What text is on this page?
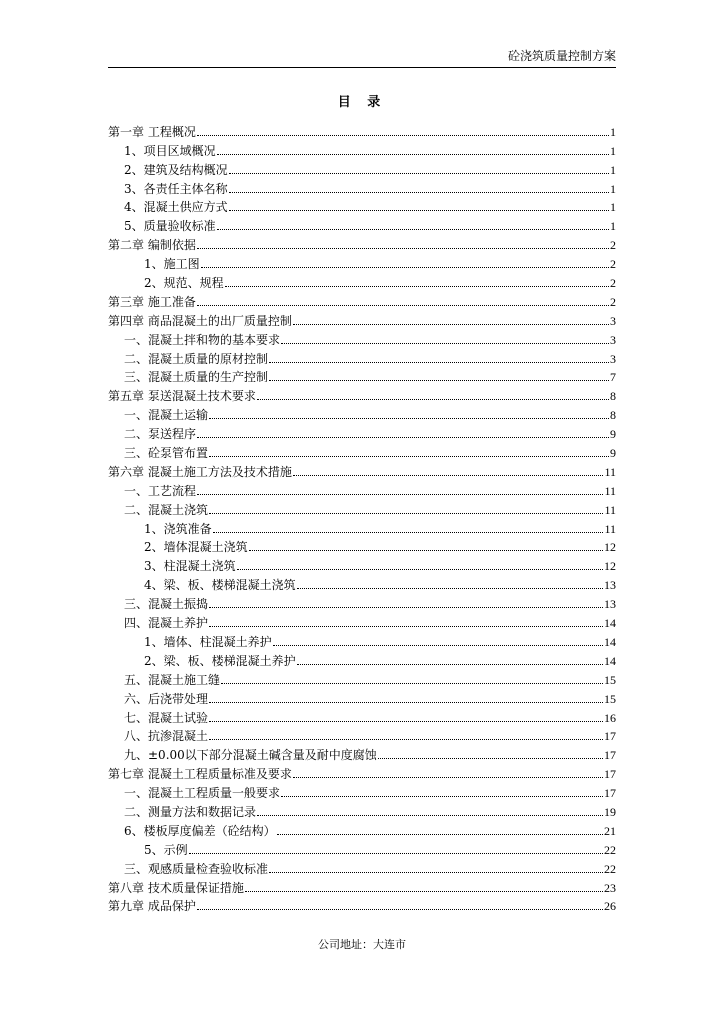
砼浇筑质量控制方案
目 录
第一章 工程概况	1
1、项目区域概况	1
2、建筑及结构概况	1
3、各责任主体名称	1
4、混凝土供应方式	1
5、质量验收标准	1
第二章 编制依据	2
1、施工图	2
2、规范、规程	2
第三章 施工准备	2
第四章 商品混凝土的出厂质量控制	3
一、混凝土拌和物的基本要求	3
二、混凝土质量的原材控制	3
三、混凝土质量的生产控制	7
第五章 泵送混凝土技术要求	8
一、混凝土运输	8
二、泵送程序	9
三、砼泵管布置	9
第六章 混凝土施工方法及技术措施	11
一、工艺流程	11
二、混凝土浇筑	11
1、浇筑准备	11
2、墙体混凝土浇筑	12
3、柱混凝土浇筑	12
4、梁、板、楼梯混凝土浇筑	13
三、混凝土振捣	13
四、混凝土养护	14
1、墙体、柱混凝土养护	14
2、梁、板、楼梯混凝土养护	14
五、混凝土施工缝	15
六、后浇带处理	15
七、混凝土试验	16
八、抗渗混凝土	17
九、±0.00以下部分混凝土碱含量及耐中度腐蚀	17
第七章 混凝土工程质量标准及要求	17
一、混凝土工程质量一般要求	17
二、测量方法和数据记录	19
6、楼板厚度偏差（砼结构）	21
5、示例	22
三、观感质量检查验收标准	22
第八章 技术质量保证措施	23
第九章 成品保护	26
公司地址：大连市
